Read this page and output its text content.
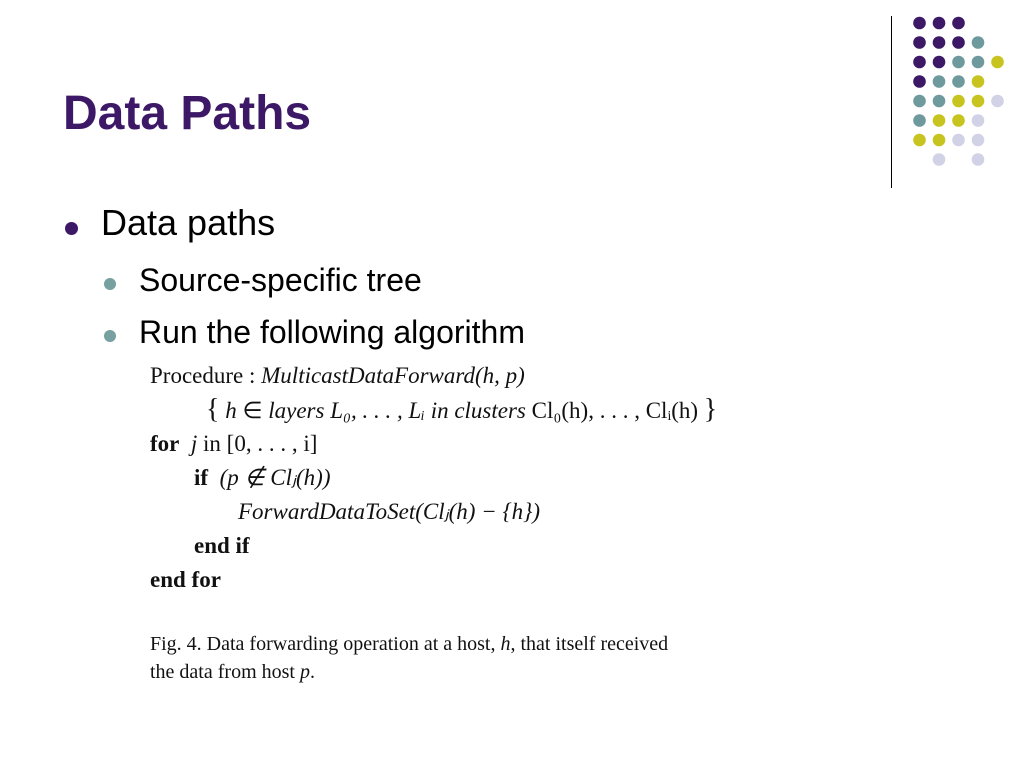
Data Paths
Data paths
Source-specific tree
Run the following algorithm
Procedure : MulticastDataForward(h, p)
{ h ∈ layers L₀, . . . , Lᵢ in clusters Cl₀(h), . . . , Clᵢ(h) }
for j in [0, . . . , i]
if (p ∉ Clⱼ(h))
ForwardDataToSet(Clⱼ(h) − {h})
end if
end for
Fig. 4. Data forwarding operation at a host, h, that itself received
the data from host p.
